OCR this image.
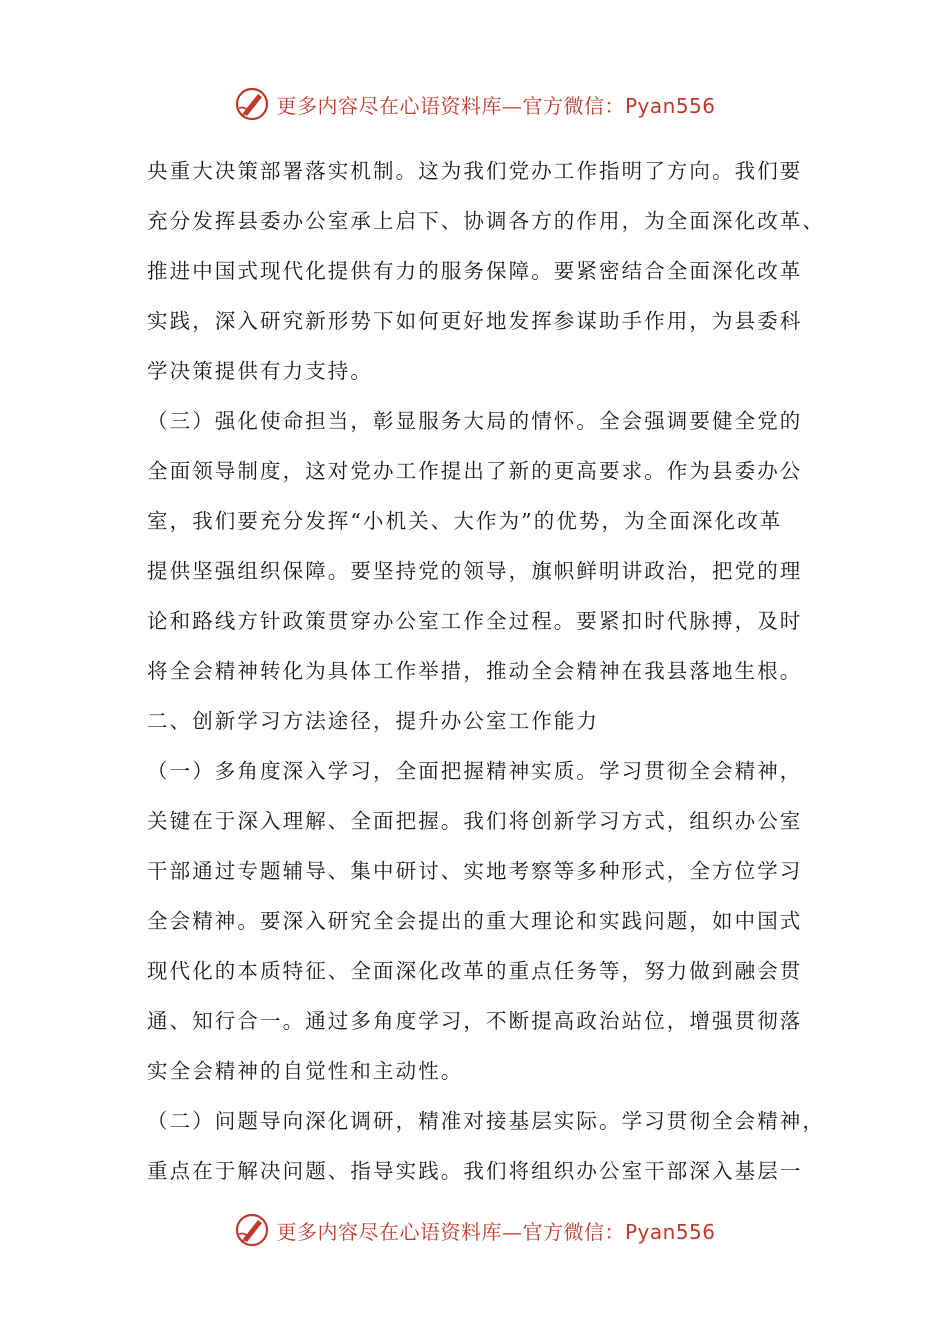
更多内容尽在心语资料库—官方微信：Pyan556
央重大决策部署落实机制。这为我们党办工作指明了方向。我们要
充分发挥县委办公室承上启下、协调各方的作用，为全面深化改革、
推进中国式现代化提供有力的服务保障。要紧密结合全面深化改革
实践，深入研究新形势下如何更好地发挥参谋助手作用，为县委科
学决策提供有力支持。
（三）强化使命担当，彰显服务大局的情怀。全会强调要健全党的
全面领导制度，这对党办工作提出了新的更高要求。作为县委办公
室，我们要充分发挥“小机关、大作为”的优势，为全面深化改革
提供坚强组织保障。要坚持党的领导，旗帜鲜明讲政治，把党的理
论和路线方针政策贯穿办公室工作全过程。要紧扣时代脉搏，及时
将全会精神转化为具体工作举措，推动全会精神在我县落地生根。
二、创新学习方法途径，提升办公室工作能力
（一）多角度深入学习，全面把握精神实质。学习贯彻全会精神，
关键在于深入理解、全面把握。我们将创新学习方式，组织办公室
干部通过专题辅导、集中研讨、实地考察等多种形式，全方位学习
全会精神。要深入研究全会提出的重大理论和实践问题，如中国式
现代化的本质特征、全面深化改革的重点任务等，努力做到融会贯
通、知行合一。通过多角度学习，不断提高政治站位，增强贯彻落
实全会精神的自觉性和主动性。
（二）问题导向深化调研，精准对接基层实际。学习贯彻全会精神，
重点在于解决问题、指导实践。我们将组织办公室干部深入基层一
更多内容尽在心语资料库—官方微信：Pyan556
